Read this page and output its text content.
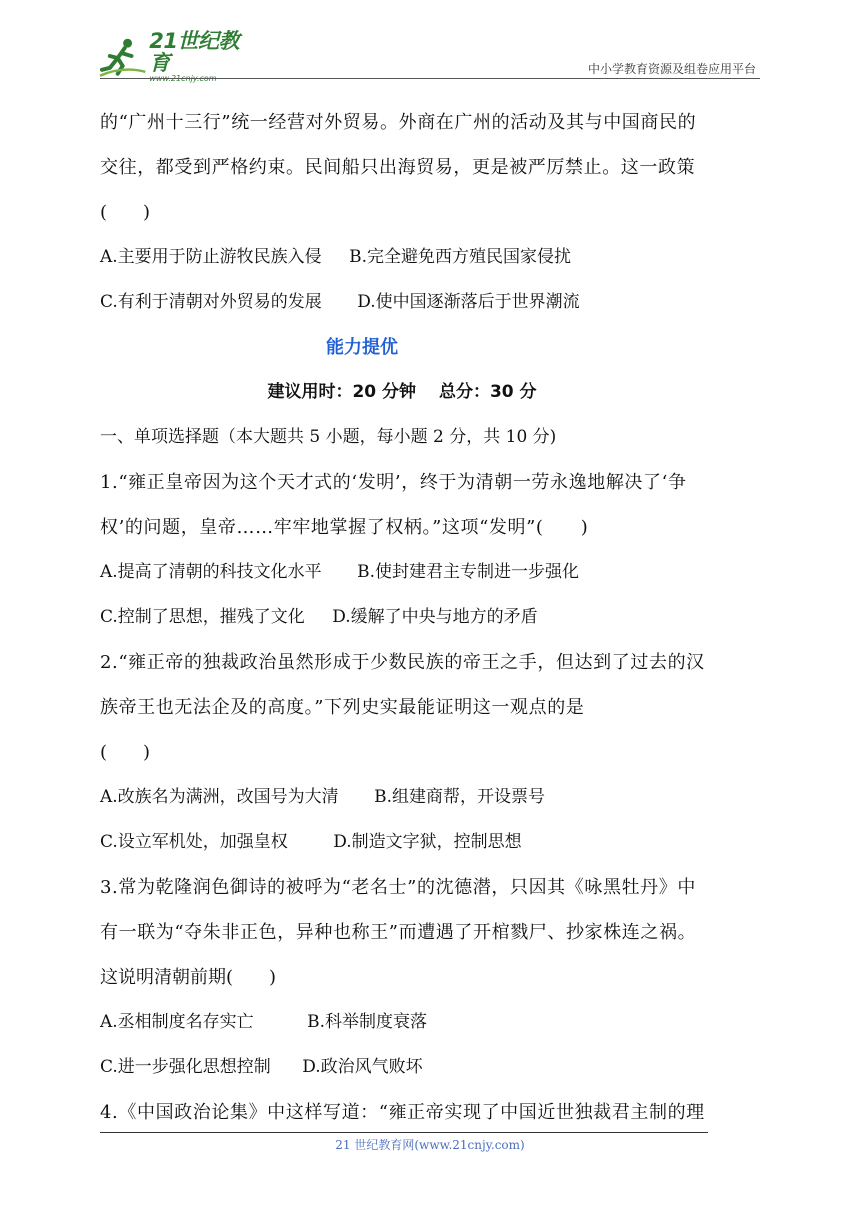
21世纪教育
www.21cnjy.com
中小学教育资源及组卷应用平台
的“广州十三行”统一经营对外贸易。外商在广州的活动及其与中国商民的
交往，都受到严格约束。民间船只出海贸易，更是被严厉禁止。这一政策
(　　)
A.主要用于防止游牧民族入侵 B.完全避免西方殖民国家侵扰
C.有利于清朝对外贸易的发展 D.使中国逐渐落后于世界潮流
能力提优
建议用时：20 分钟　 总分：30 分
一、单项选择题（本大题共 5 小题，每小题 2 分，共 10 分)
1.“雍正皇帝因为这个天才式的‘发明’，终于为清朝一劳永逸地解决了‘争
权’的问题，皇帝……牢牢地掌握了权柄。”这项“发明”(　　)
A.提高了清朝的科技文化水平 B.使封建君主专制进一步强化
C.控制了思想，摧残了文化 D.缓解了中央与地方的矛盾
2.“雍正帝的独裁政治虽然形成于少数民族的帝王之手，但达到了过去的汉
族帝王也无法企及的高度。”下列史实最能证明这一观点的是
(　　)
A.改族名为满洲，改国号为大清 B.组建商帮，开设票号
C.设立军机处，加强皇权	D.制造文字狱，控制思想
3.常为乾隆润色御诗的被呼为“老名士”的沈德潜，只因其《咏黑牡丹》中
有一联为“夺朱非正色，异种也称王”而遭遇了开棺戮尸、抄家株连之祸。
这说明清朝前期(　　)
A.丞相制度名存实亡	B.科举制度衰落
C.进一步强化思想控制 D.政治风气败坏
4.《中国政治论集》中这样写道：“雍正帝实现了中国近世独裁君主制的理
21 世纪教育网(www.21cnjy.com)
